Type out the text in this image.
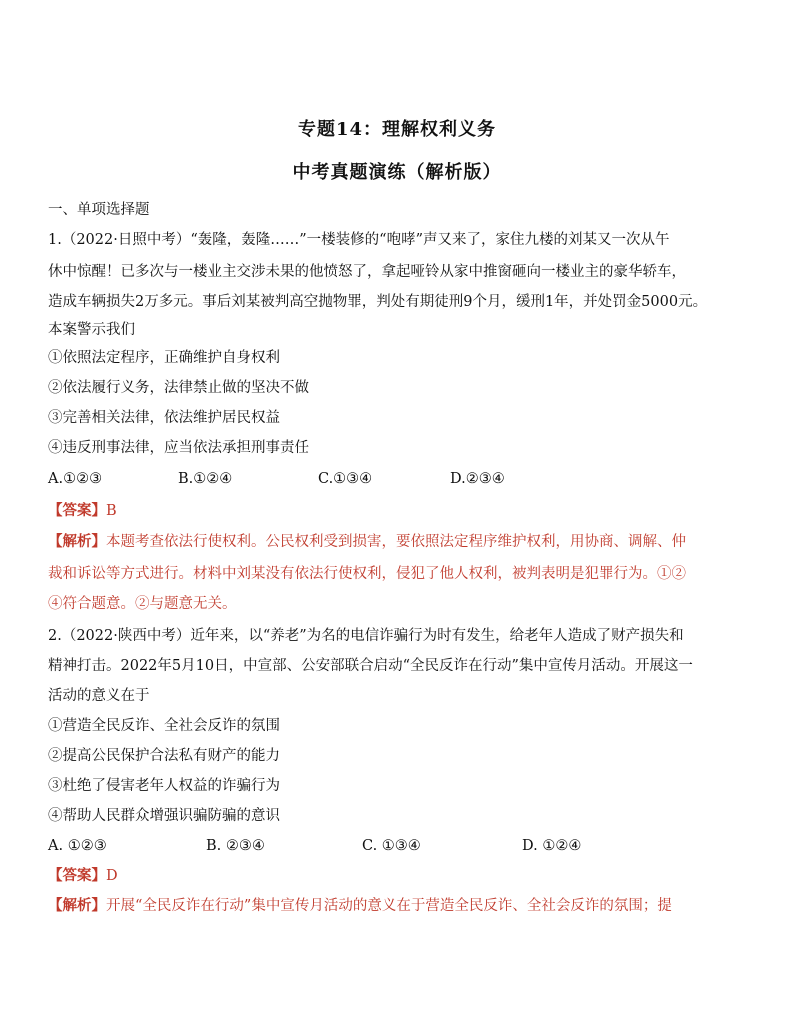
专题14：理解权利义务
中考真题演练（解析版）
一、单项选择题
1.（2022·日照中考）“轰隆，轰隆……”一楼装修的“咆哮”声又来了，家住九楼的刘某又一次从午
休中惊醒！已多次与一楼业主交涉未果的他愤怒了，拿起哑铃从家中推窗砸向一楼业主的豪华轿车，
造成车辆损失2万多元。事后刘某被判高空抛物罪，判处有期徒刑9个月，缓刑1年，并处罚金5000元。
本案警示我们
①依照法定程序，正确维护自身权利
②依法履行义务，法律禁止做的坚决不做
③完善相关法律，依法维护居民权益
④违反刑事法律，应当依法承担刑事责任
A.①②③	B.①②④	C.①③④	D.②③④
【答案】B
【解析】本题考查依法行使权利。公民权利受到损害，要依照法定程序维护权利，用协商、调解、仲
裁和诉讼等方式进行。材料中刘某没有依法行使权利，侵犯了他人权利，被判表明是犯罪行为。①②
④符合题意。②与题意无关。
2.（2022·陕西中考）近年来，以“养老”为名的电信诈骗行为时有发生，给老年人造成了财产损失和
精神打击。2022年5月10日，中宣部、公安部联合启动“全民反诈在行动”集中宣传月活动。开展这一
活动的意义在于
①营造全民反诈、全社会反诈的氛围
②提高公民保护合法私有财产的能力
③杜绝了侵害老年人权益的诈骗行为
④帮助人民群众增强识骗防骗的意识
A. ①②③	B. ②③④	C. ①③④	D. ①②④
【答案】D
【解析】开展“全民反诈在行动”集中宣传月活动的意义在于营造全民反诈、全社会反诈的氛围；提
